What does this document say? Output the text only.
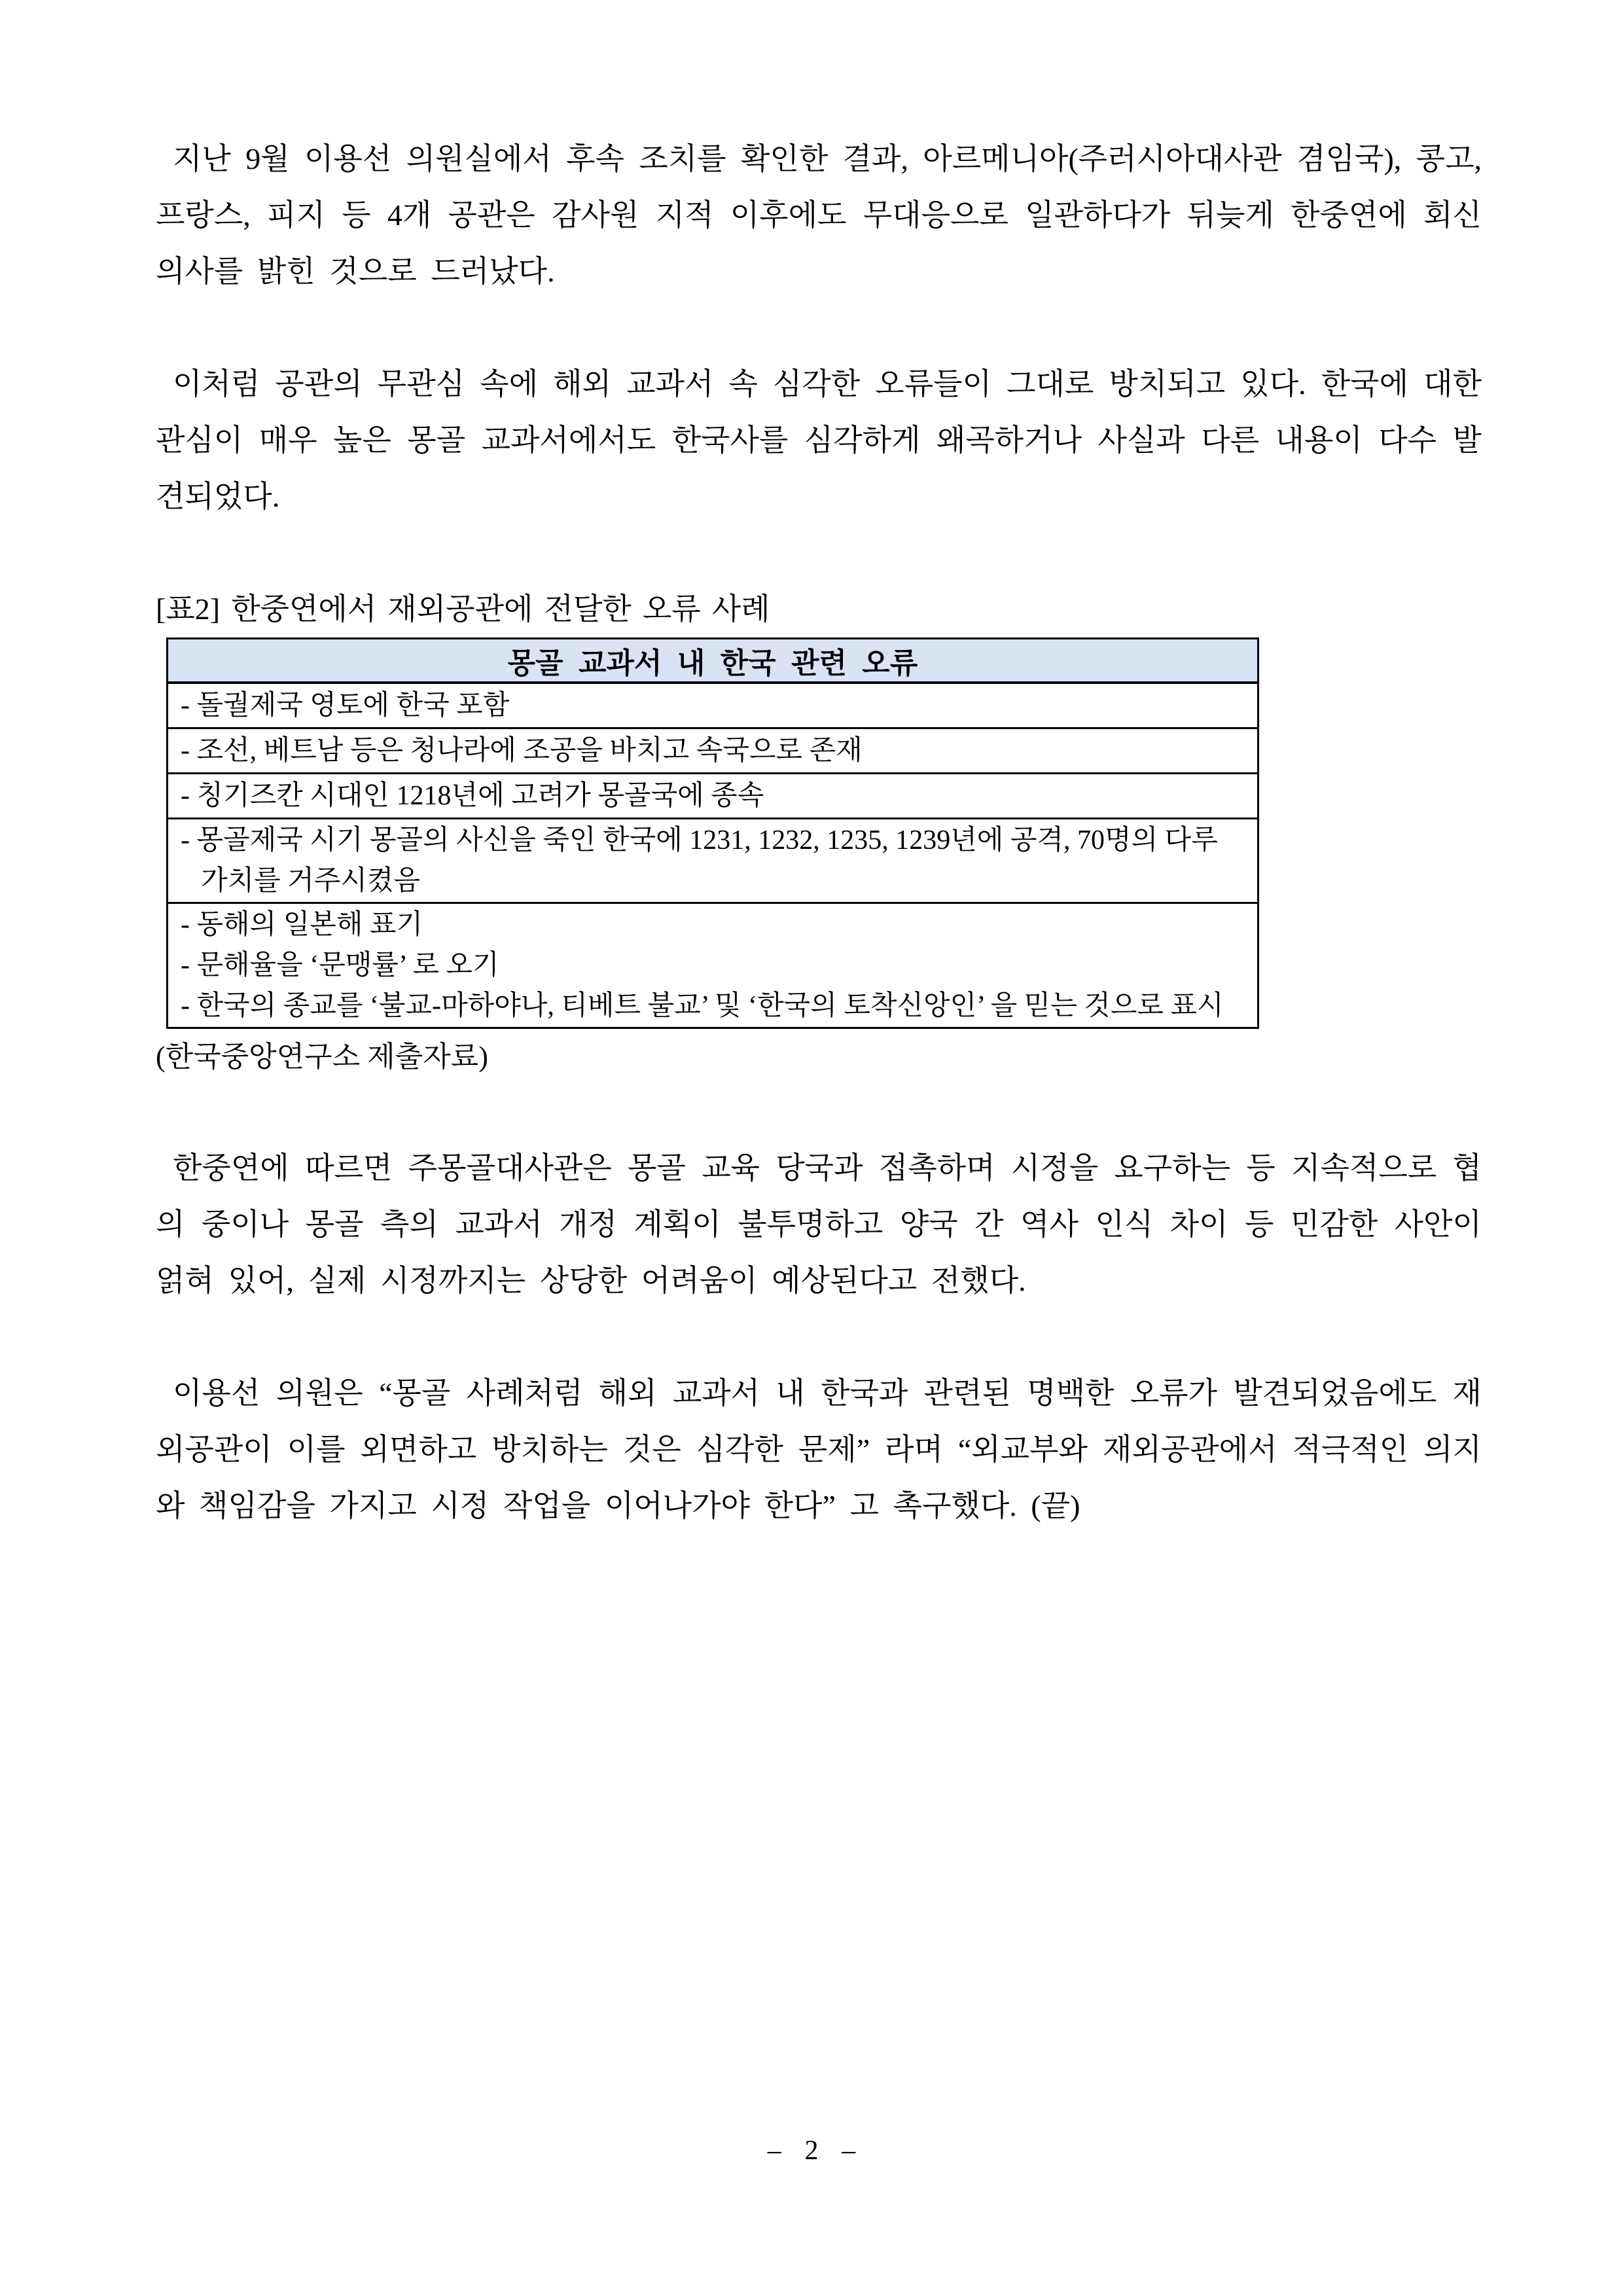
지난 9월 이용선 의원실에서 후속 조치를 확인한 결과, 아르메니아(주러시아대사관 겸임국), 콩고, 프랑스, 피지 등 4개 공관은 감사원 지적 이후에도 무대응으로 일관하다가 뒤늦게 한중연에 회신 의사를 밝힌 것으로 드러났다.

이처럼 공관의 무관심 속에 해외 교과서 속 심각한 오류들이 그대로 방치되고 있다. 한국에 대한 관심이 매우 높은 몽골 교과서에서도 한국사를 심각하게 왜곡하거나 사실과 다른 내용이 다수 발견되었다.

[표2] 한중연에서 재외공관에 전달한 오류 사례

몽골 교과서 내 한국 관련 오류
- 돌궐제국 영토에 한국 포함
- 조선, 베트남 등은 청나라에 조공을 바치고 속국으로 존재
- 칭기즈칸 시대인 1218년에 고려가 몽골국에 종속
- 몽골제국 시기 몽골의 사신을 죽인 한국에 1231, 1232, 1235, 1239년에 공격, 70명의 다루가치를 거주시켰음

- 동해의 일본해 표기
- 문해율을 ‘문맹률’ 로 오기
- 한국의 종교를 ‘불교-마하야나, 티베트 불교’ 및 ‘한국의 토착신앙인’ 을 믿는 것으로 표시

(한국중앙연구소 제출자료)

한중연에 따르면 주몽골대사관은 몽골 교육 당국과 접촉하며 시정을 요구하는 등 지속적으로 협의 중이나 몽골 측의 교과서 개정 계획이 불투명하고 양국 간 역사 인식 차이 등 민감한 사안이 얽혀 있어, 실제 시정까지는 상당한 어려움이 예상된다고 전했다.

이용선 의원은 “몽골 사례처럼 해외 교과서 내 한국과 관련된 명백한 오류가 발견되었음에도 재외공관이 이를 외면하고 방치하는 것은 심각한 문제” 라며 “외교부와 재외공관에서 적극적인 의지와 책임감을 가지고 시정 작업을 이어나가야 한다” 고 촉구했다. (끝)

– 2 –
